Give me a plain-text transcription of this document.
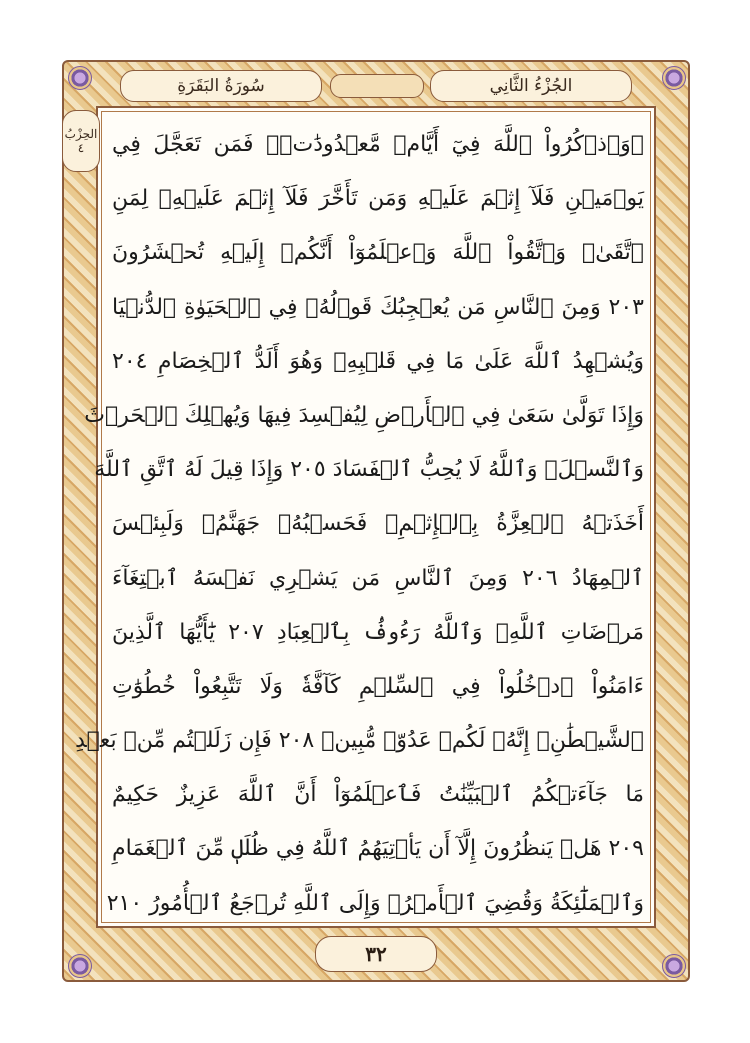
سُورَةُ البَقَرَةِ	الجُزْءُ الثَّانِي
الحِزْبُ
٤ ۞وَٱذۡكُرُواْ ٱللَّهَ فِيٓ أَيَّامٖ مَّعۡدُودَٰتٖۚ فَمَن تَعَجَّلَ فِي
يَوۡمَيۡنِ فَلَآ إِثۡمَ عَلَيۡهِ وَمَن تَأَخَّرَ فَلَآ إِثۡمَ عَلَيۡهِۖ لِمَنِ
ٱتَّقَىٰۗ وَٱتَّقُواْ ٱللَّهَ وَٱعۡلَمُوٓاْ أَنَّكُمۡ إِلَيۡهِ تُحۡشَرُونَ
٢٠٣ وَمِنَ ٱلنَّاسِ مَن يُعۡجِبُكَ قَوۡلُهُۥ فِي ٱلۡحَيَوٰةِ ٱلدُّنۡيَا
وَيُشۡهِدُ ٱللَّهَ عَلَىٰ مَا فِي قَلۡبِهِۦ وَهُوَ أَلَدُّ ٱلۡخِصَامِ ٢٠٤
وَإِذَا تَوَلَّىٰ سَعَىٰ فِي ٱلۡأَرۡضِ لِيُفۡسِدَ فِيهَا وَيُهۡلِكَ ٱلۡحَرۡثَ
وَٱلنَّسۡلَۚ وَٱللَّهُ لَا يُحِبُّ ٱلۡفَسَادَ ٢٠٥ وَإِذَا قِيلَ لَهُ ٱتَّقِ ٱللَّهَ
أَخَذَتۡهُ ٱلۡعِزَّةُ بِٱلۡإِثۡمِۚ فَحَسۡبُهُۥ جَهَنَّمُۖ وَلَبِئۡسَ
ٱلۡمِهَادُ ٢٠٦ وَمِنَ ٱلنَّاسِ مَن يَشۡرِي نَفۡسَهُ ٱبۡتِغَآءَ
مَرۡضَاتِ ٱللَّهِۚ وَٱللَّهُ رَءُوفُۢ بِٱلۡعِبَادِ ٢٠٧ يَٰٓأَيُّهَا ٱلَّذِينَ
ءَامَنُواْ ٱدۡخُلُواْ فِي ٱلسِّلۡمِ كَآفَّةٗ وَلَا تَتَّبِعُواْ خُطُوَٰتِ
ٱلشَّيۡطَٰنِۚ إِنَّهُۥ لَكُمۡ عَدُوّٞ مُّبِينٞ ٢٠٨ فَإِن زَلَلۡتُم مِّنۢ بَعۡدِ
مَا جَآءَتۡكُمُ ٱلۡبَيِّنَٰتُ فَٱعۡلَمُوٓاْ أَنَّ ٱللَّهَ عَزِيزٌ حَكِيمٌ
٢٠٩ هَلۡ يَنظُرُونَ إِلَّآ أَن يَأۡتِيَهُمُ ٱللَّهُ فِي ظُلَلٖ مِّنَ ٱلۡغَمَامِ
وَٱلۡمَلَٰٓئِكَةُ وَقُضِيَ ٱلۡأَمۡرُۚ وَإِلَى ٱللَّهِ تُرۡجَعُ ٱلۡأُمُورُ ٢١٠
٣٢
